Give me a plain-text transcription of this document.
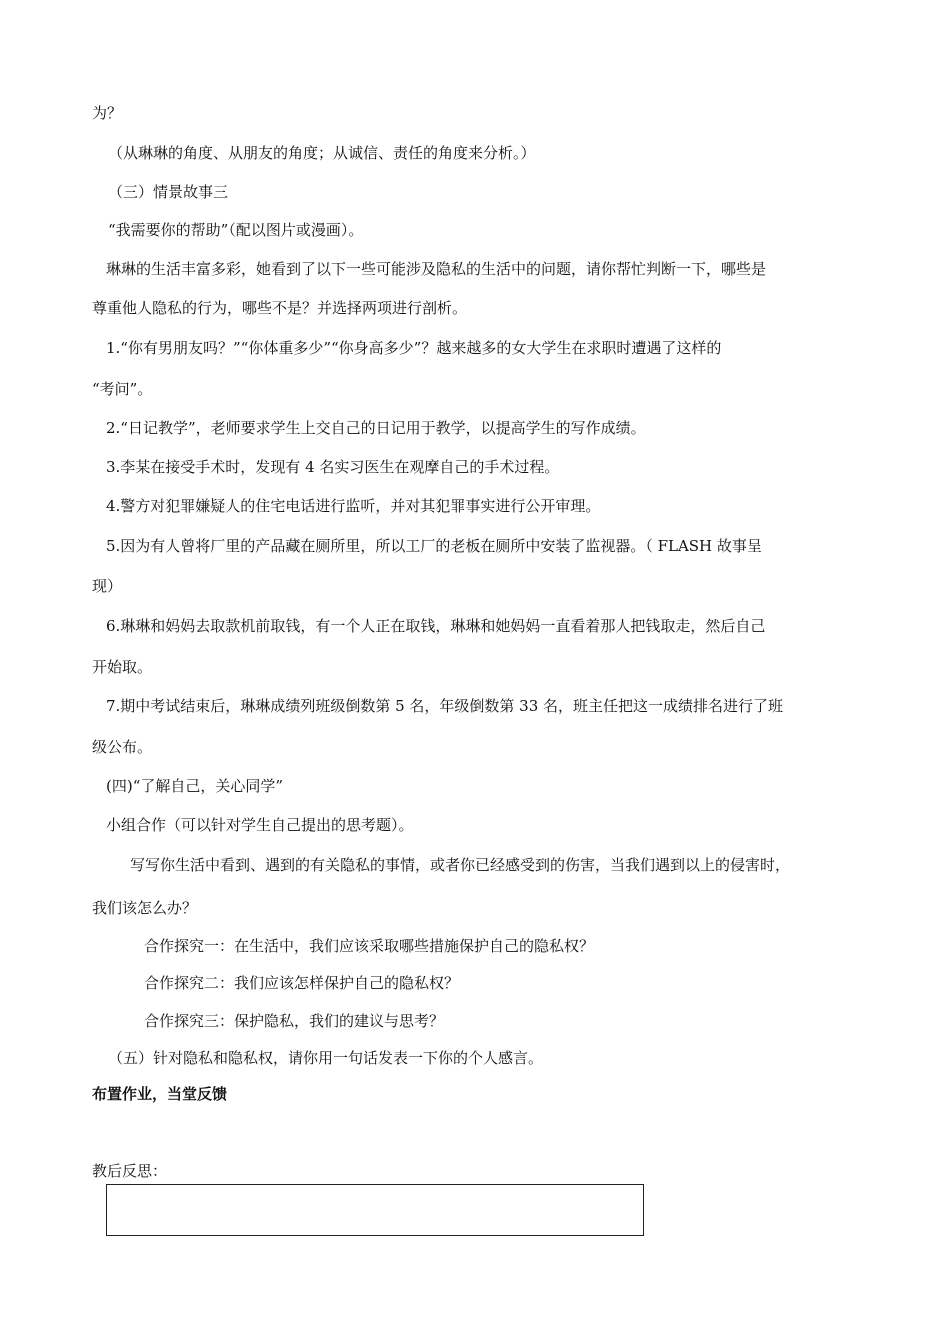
为？
（从琳琳的角度、从朋友的角度；从诚信、责任的角度来分析。）
（三）情景故事三
“我需要你的帮助”（配以图片或漫画）。
琳琳的生活丰富多彩，她看到了以下一些可能涉及隐私的生活中的问题，请你帮忙判断一下，哪些是
尊重他人隐私的行为，哪些不是？并选择两项进行剖析。
1.“你有男朋友吗？”“你体重多少”“你身高多少”？越来越多的女大学生在求职时遭遇了这样的
“考问”。
2.“日记教学”，老师要求学生上交自己的日记用于教学，以提高学生的写作成绩。
3.李某在接受手术时，发现有 4 名实习医生在观摩自己的手术过程。
4.警方对犯罪嫌疑人的住宅电话进行监听，并对其犯罪事实进行公开审理。
5.因为有人曾将厂里的产品藏在厕所里，所以工厂的老板在厕所中安装了监视器。（ FLASH 故事呈
现）
6.琳琳和妈妈去取款机前取钱，有一个人正在取钱，琳琳和她妈妈一直看着那人把钱取走，然后自己
开始取。
7.期中考试结束后，琳琳成绩列班级倒数第 5 名，年级倒数第 33 名，班主任把这一成绩排名进行了班
级公布。
(四)“了解自己，关心同学”
小组合作（可以针对学生自己提出的思考题）。
写写你生活中看到、遇到的有关隐私的事情，或者你已经感受到的伤害，当我们遇到以上的侵害时，
我们该怎么办？
合作探究一：在生活中，我们应该采取哪些措施保护自己的隐私权？
合作探究二：我们应该怎样保护自己的隐私权？
合作探究三：保护隐私，我们的建议与思考？
（五）针对隐私和隐私权，请你用一句话发表一下你的个人感言。
布置作业，当堂反馈
教后反思：
